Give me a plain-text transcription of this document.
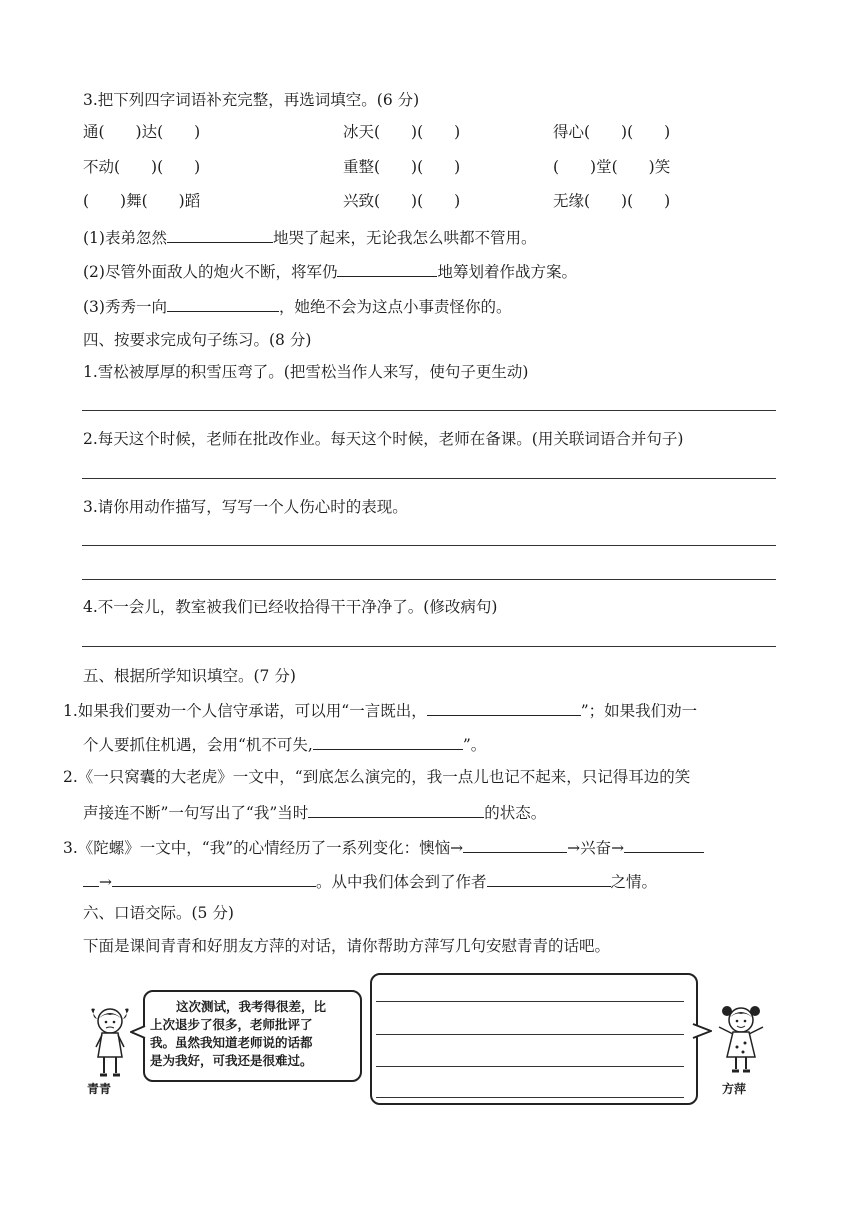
3.把下列四字词语补充完整，再选词填空。(6 分)
通(　　)达(　　)	冰天(　　)(　　)	得心(　　)(　　)
不动(　　)(　　)	重整(　　)(　　)	(　　)堂(　　)笑
(　　)舞(　　)蹈	兴致(　　)(　　)	无缘(　　)(　　)
(1)表弟忽然	地哭了起来，无论我怎么哄都不管用。
(2)尽管外面敌人的炮火不断，将军仍	地筹划着作战方案。
(3)秀秀一向	，她绝不会为这点小事责怪你的。
四、按要求完成句子练习。(8 分)
1.雪松被厚厚的积雪压弯了。(把雪松当作人来写，使句子更生动)
2.每天这个时候，老师在批改作业。每天这个时候，老师在备课。(用关联词语合并句子)
3.请你用动作描写，写写一个人伤心时的表现。
4.不一会儿，教室被我们已经收拾得干干净净了。(修改病句)
五、根据所学知识填空。(7 分)
1.如果我们要劝一个人信守承诺，可以用“一言既出，	”；如果我们劝一
个人要抓住机遇，会用“机不可失,	”。
2.《一只窝囊的大老虎》一文中，“到底怎么演完的，我一点儿也记不起来，只记得耳边的笑
声接连不断”一句写出了“我”当时	的状态。
3.《陀螺》一文中，“我”的心情经历了一系列变化：懊恼→	→兴奋→
→	。从中我们体会到了作者	之情。
六、口语交际。(5 分)
下面是课间青青和好朋友方萍的对话，请你帮助方萍写几句安慰青青的话吧。
青青
这次测试，我考得很差，比
上次退步了很多，老师批评了
我。虽然我知道老师说的话都
是为我好，可我还是很难过。
方萍
